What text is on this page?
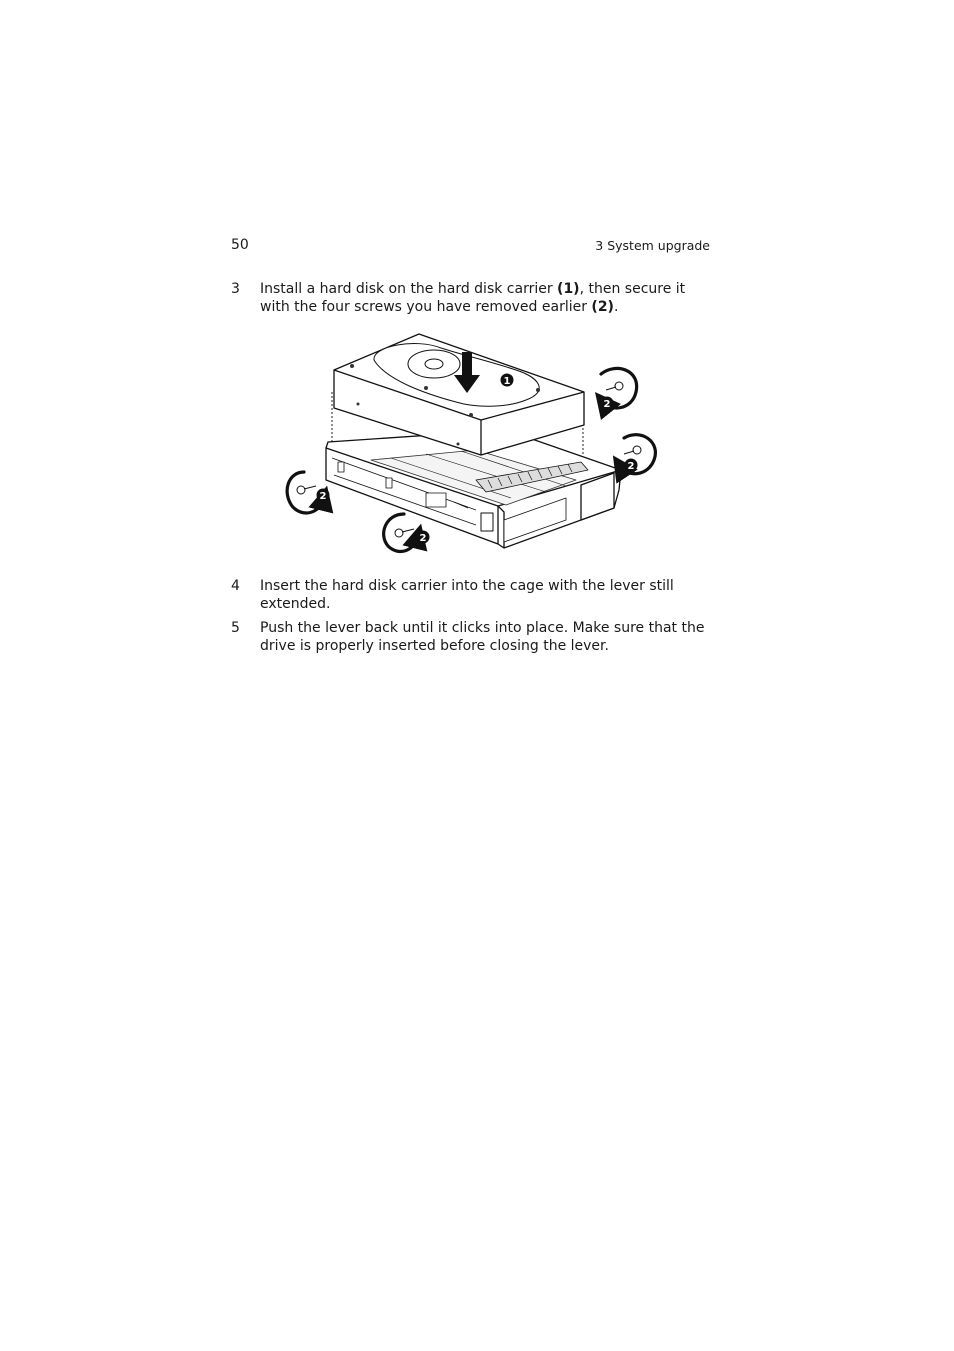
50	3 System upgrade
3 Install a hard disk on the hard disk carrier (1), then secure it with the four screws you have removed earlier (2).
1
2
2
2
2
4 Insert the hard disk carrier into the cage with the lever still extended.
5 Push the lever back until it clicks into place. Make sure that the drive is properly inserted before closing the lever.
